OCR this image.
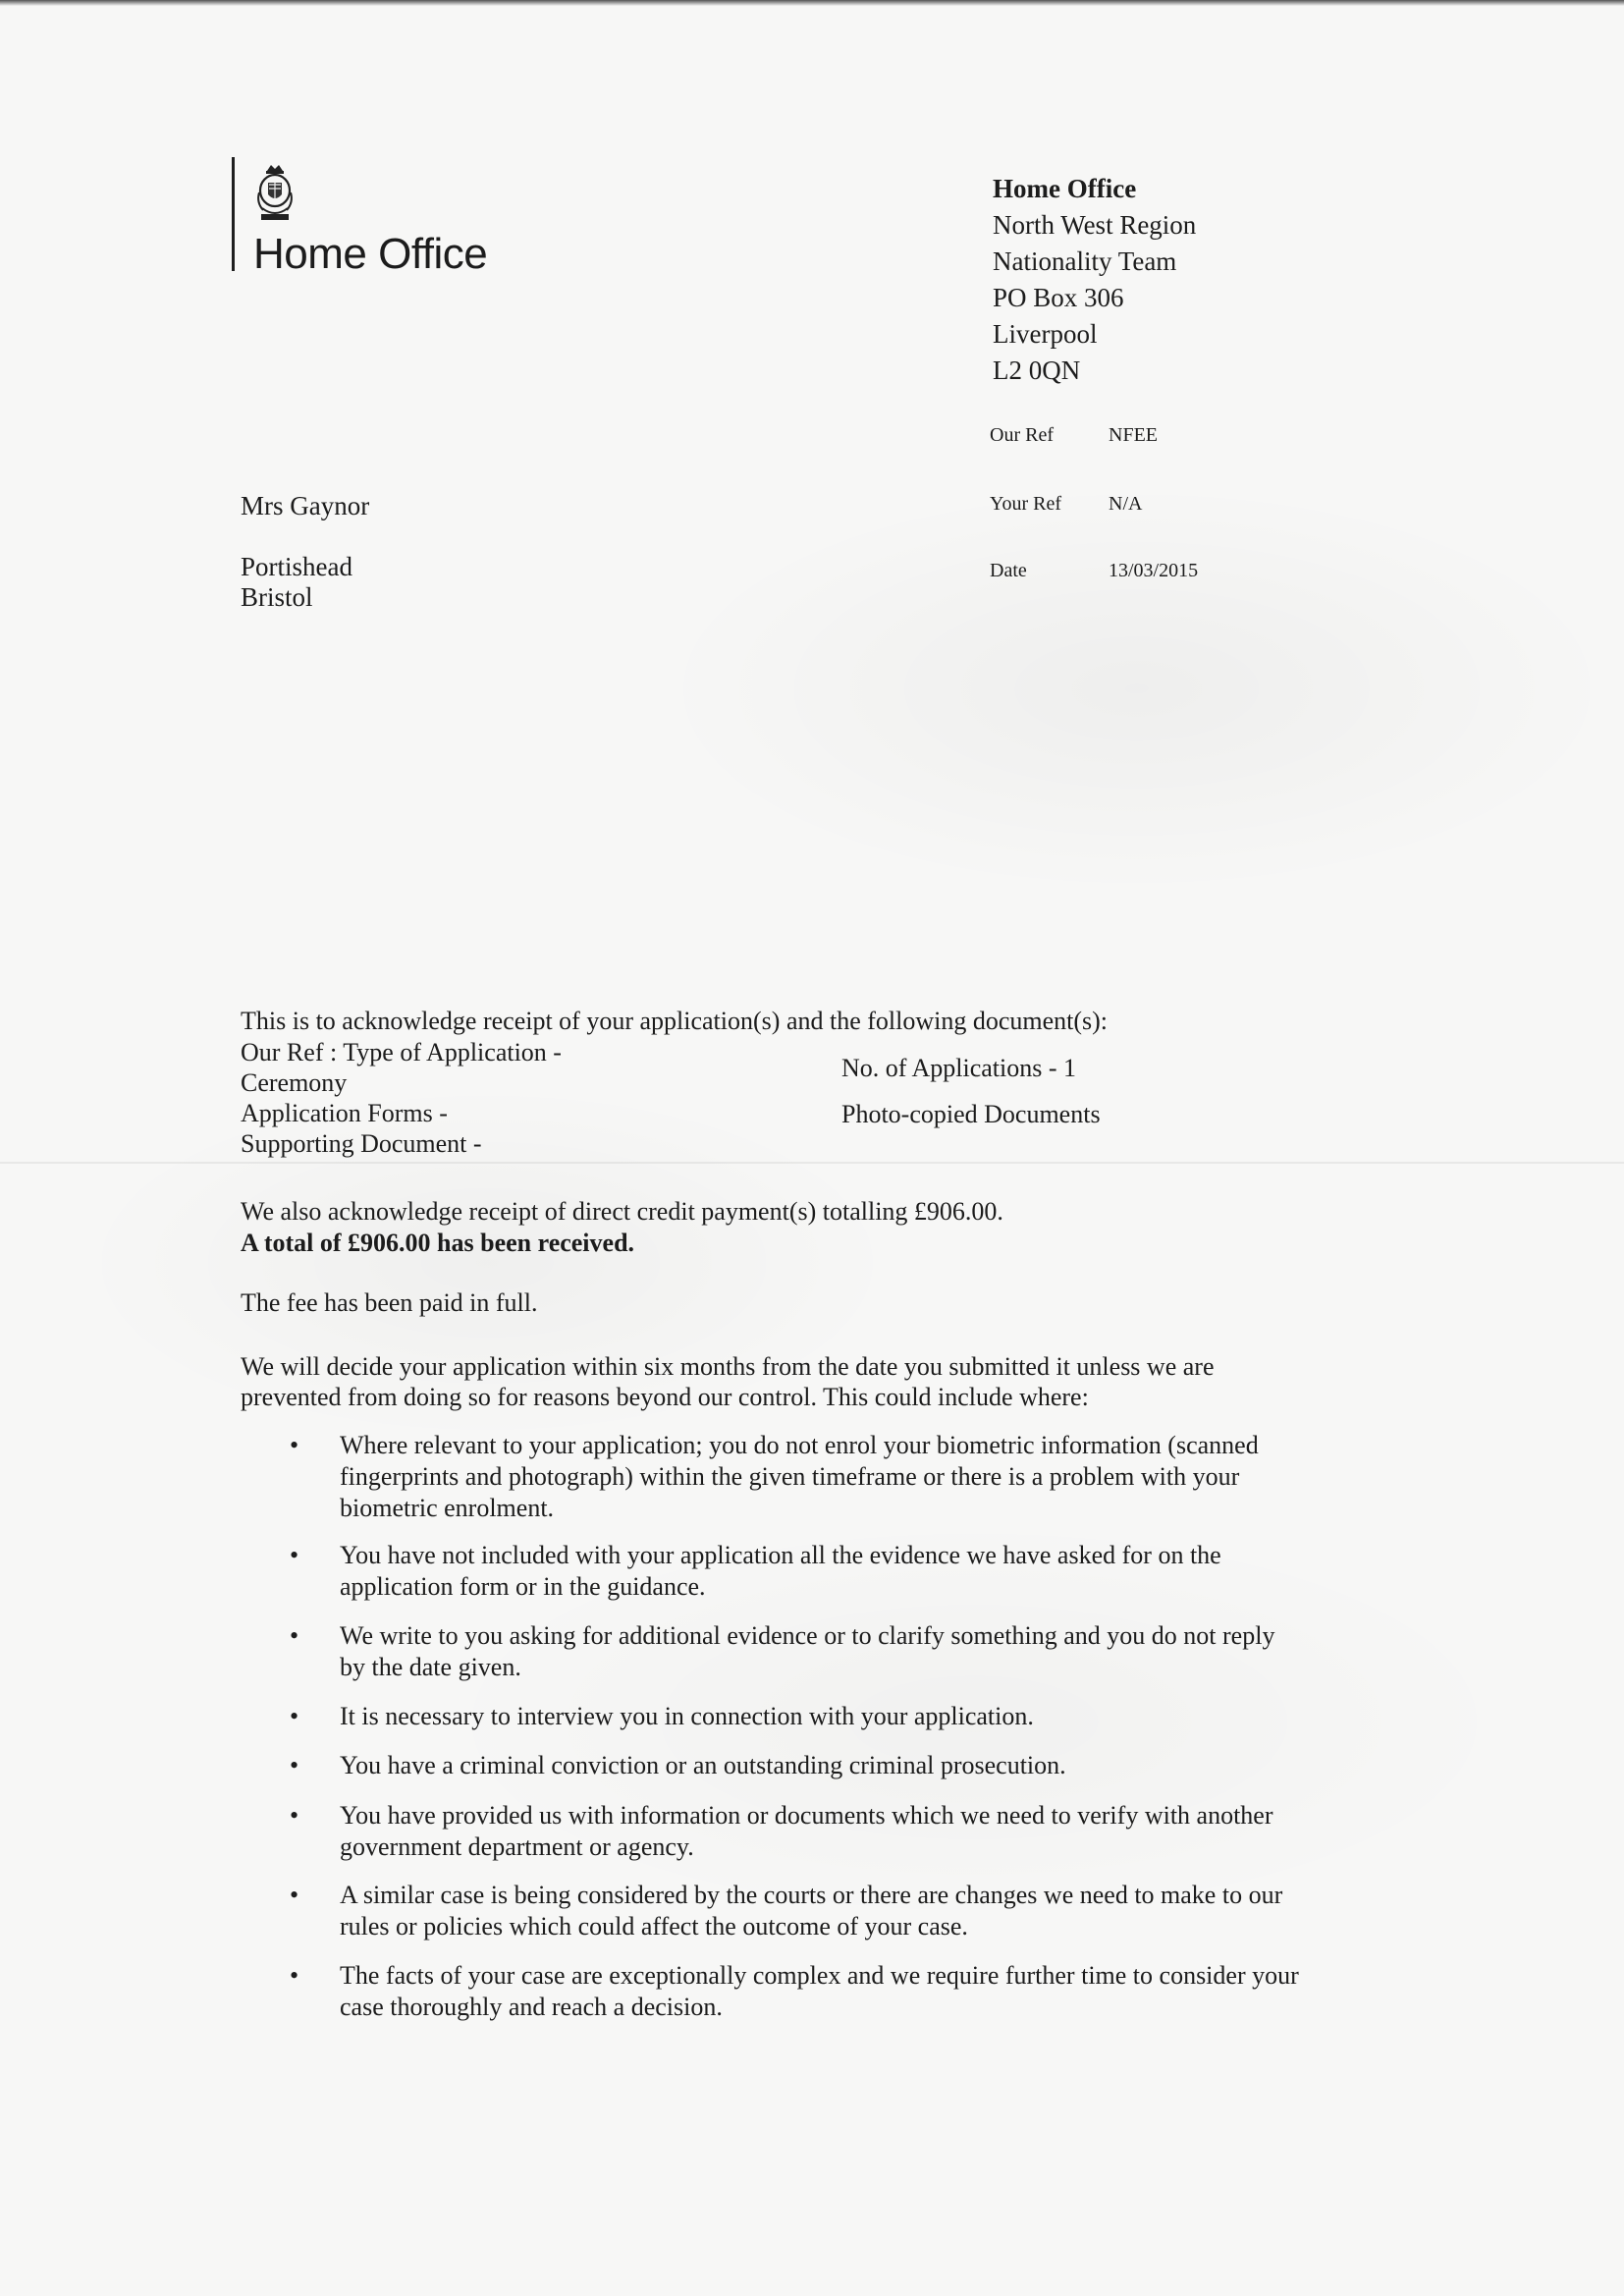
Home Office
Home Office
North West Region
Nationality Team
PO Box 306
Liverpool
L2 0QN
Our Ref	NFEE
Your Ref N/A
Date	13/03/2015
Mrs Gaynor
Portishead
Bristol
This is to acknowledge receipt of your application(s) and the following document(s):
Our Ref : Type of Application -
Ceremony
Application Forms -
Supporting Document -
No. of Applications - 1
Photo-copied Documents
We also acknowledge receipt of direct credit payment(s) totalling £906.00.
A total of £906.00 has been received.
The fee has been paid in full.
We will decide your application within six months from the date you submitted it unless we are
prevented from doing so for reasons beyond our control. This could include where:
• Where relevant to your application; you do not enrol your biometric information (scanned
fingerprints and photograph) within the given timeframe or there is a problem with your
biometric enrolment.
• You have not included with your application all the evidence we have asked for on the
application form or in the guidance.
• We write to you asking for additional evidence or to clarify something and you do not reply
by the date given.
• It is necessary to interview you in connection with your application.
• You have a criminal conviction or an outstanding criminal prosecution.
• You have provided us with information or documents which we need to verify with another
government department or agency.
• A similar case is being considered by the courts or there are changes we need to make to our
rules or policies which could affect the outcome of your case.
• The facts of your case are exceptionally complex and we require further time to consider your
case thoroughly and reach a decision.
